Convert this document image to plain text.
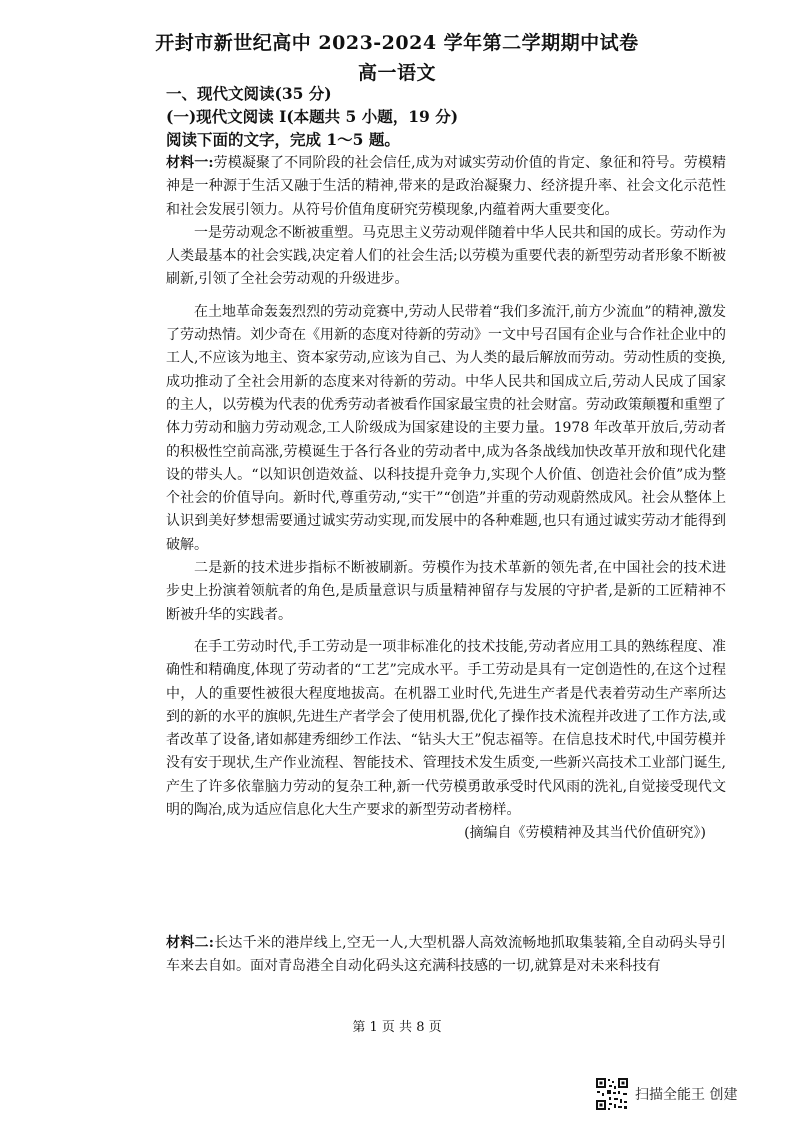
开封市新世纪高中 2023-2024 学年第二学期期中试卷
高一语文
一、现代文阅读(35 分)
(一)现代文阅读 I(本题共 5 小题，19 分)
阅读下面的文字，完成 1～5 题。

材料一:劳模凝聚了不同阶段的社会信任,成为对诚实劳动价值的肯定、象征和符号。劳模精神是一种源于生活又融于生活的精神,带来的是政治凝聚力、经济提升率、社会文化示范性和社会发展引领力。从符号价值角度研究劳模现象,内蕴着两大重要变化。

一是劳动观念不断被重塑。马克思主义劳动观伴随着中华人民共和国的成长。劳动作为人类最基本的社会实践,决定着人们的社会生活;以劳模为重要代表的新型劳动者形象不断被刷新,引领了全社会劳动观的升级进步。

在土地革命轰轰烈烈的劳动竞赛中,劳动人民带着“我们多流汗,前方少流血”的精神,激发了劳动热情。刘少奇在《用新的态度对待新的劳动》一文中号召国有企业与合作社企业中的工人,不应该为地主、资本家劳动,应该为自己、为人类的最后解放而劳动。劳动性质的变换,成功推动了全社会用新的态度来对待新的劳动。中华人民共和国成立后,劳动人民成了国家的主人，以劳模为代表的优秀劳动者被看作国家最宝贵的社会财富。劳动政策颠覆和重塑了体力劳动和脑力劳动观念,工人阶级成为国家建设的主要力量。1978 年改革开放后,劳动者的积极性空前高涨,劳模诞生于各行各业的劳动者中,成为各条战线加快改革开放和现代化建设的带头人。“以知识创造效益、以科技提升竞争力,实现个人价值、创造社会价值”成为整个社会的价值导向。新时代,尊重劳动,“实干”“创造”并重的劳动观蔚然成风。社会从整体上认识到美好梦想需要通过诚实劳动实现,而发展中的各种难题,也只有通过诚实劳动才能得到破解。

二是新的技术进步指标不断被刷新。劳模作为技术革新的领先者,在中国社会的技术进步史上扮演着领航者的角色,是质量意识与质量精神留存与发展的守护者,是新的工匠精神不断被升华的实践者。

在手工劳动时代,手工劳动是一项非标准化的技术技能,劳动者应用工具的熟练程度、准确性和精确度,体现了劳动者的“工艺”完成水平。手工劳动是具有一定创造性的,在这个过程中，人的重要性被很大程度地拔高。在机器工业时代,先进生产者是代表着劳动生产率所达到的新的水平的旗帜,先进生产者学会了使用机器,优化了操作技术流程并改进了工作方法,或者改革了设备,诸如郝建秀细纱工作法、“钻头大王”倪志福等。在信息技术时代,中国劳模并没有安于现状,生产作业流程、智能技术、管理技术发生质变,一些新兴高技术工业部门诞生,产生了许多依靠脑力劳动的复杂工种,新一代劳模勇敢承受时代风雨的洗礼,自觉接受现代文明的陶冶,成为适应信息化大生产要求的新型劳动者榜样。

(摘编自《劳模精神及其当代价值研究》)

材料二:长达千米的港岸线上,空无一人,大型机器人高效流畅地抓取集装箱,全自动码头导引车来去自如。面对青岛港全自动化码头这充满科技感的一切,就算是对未来科技有
第 1 页 共 8 页
扫描全能王 创建
